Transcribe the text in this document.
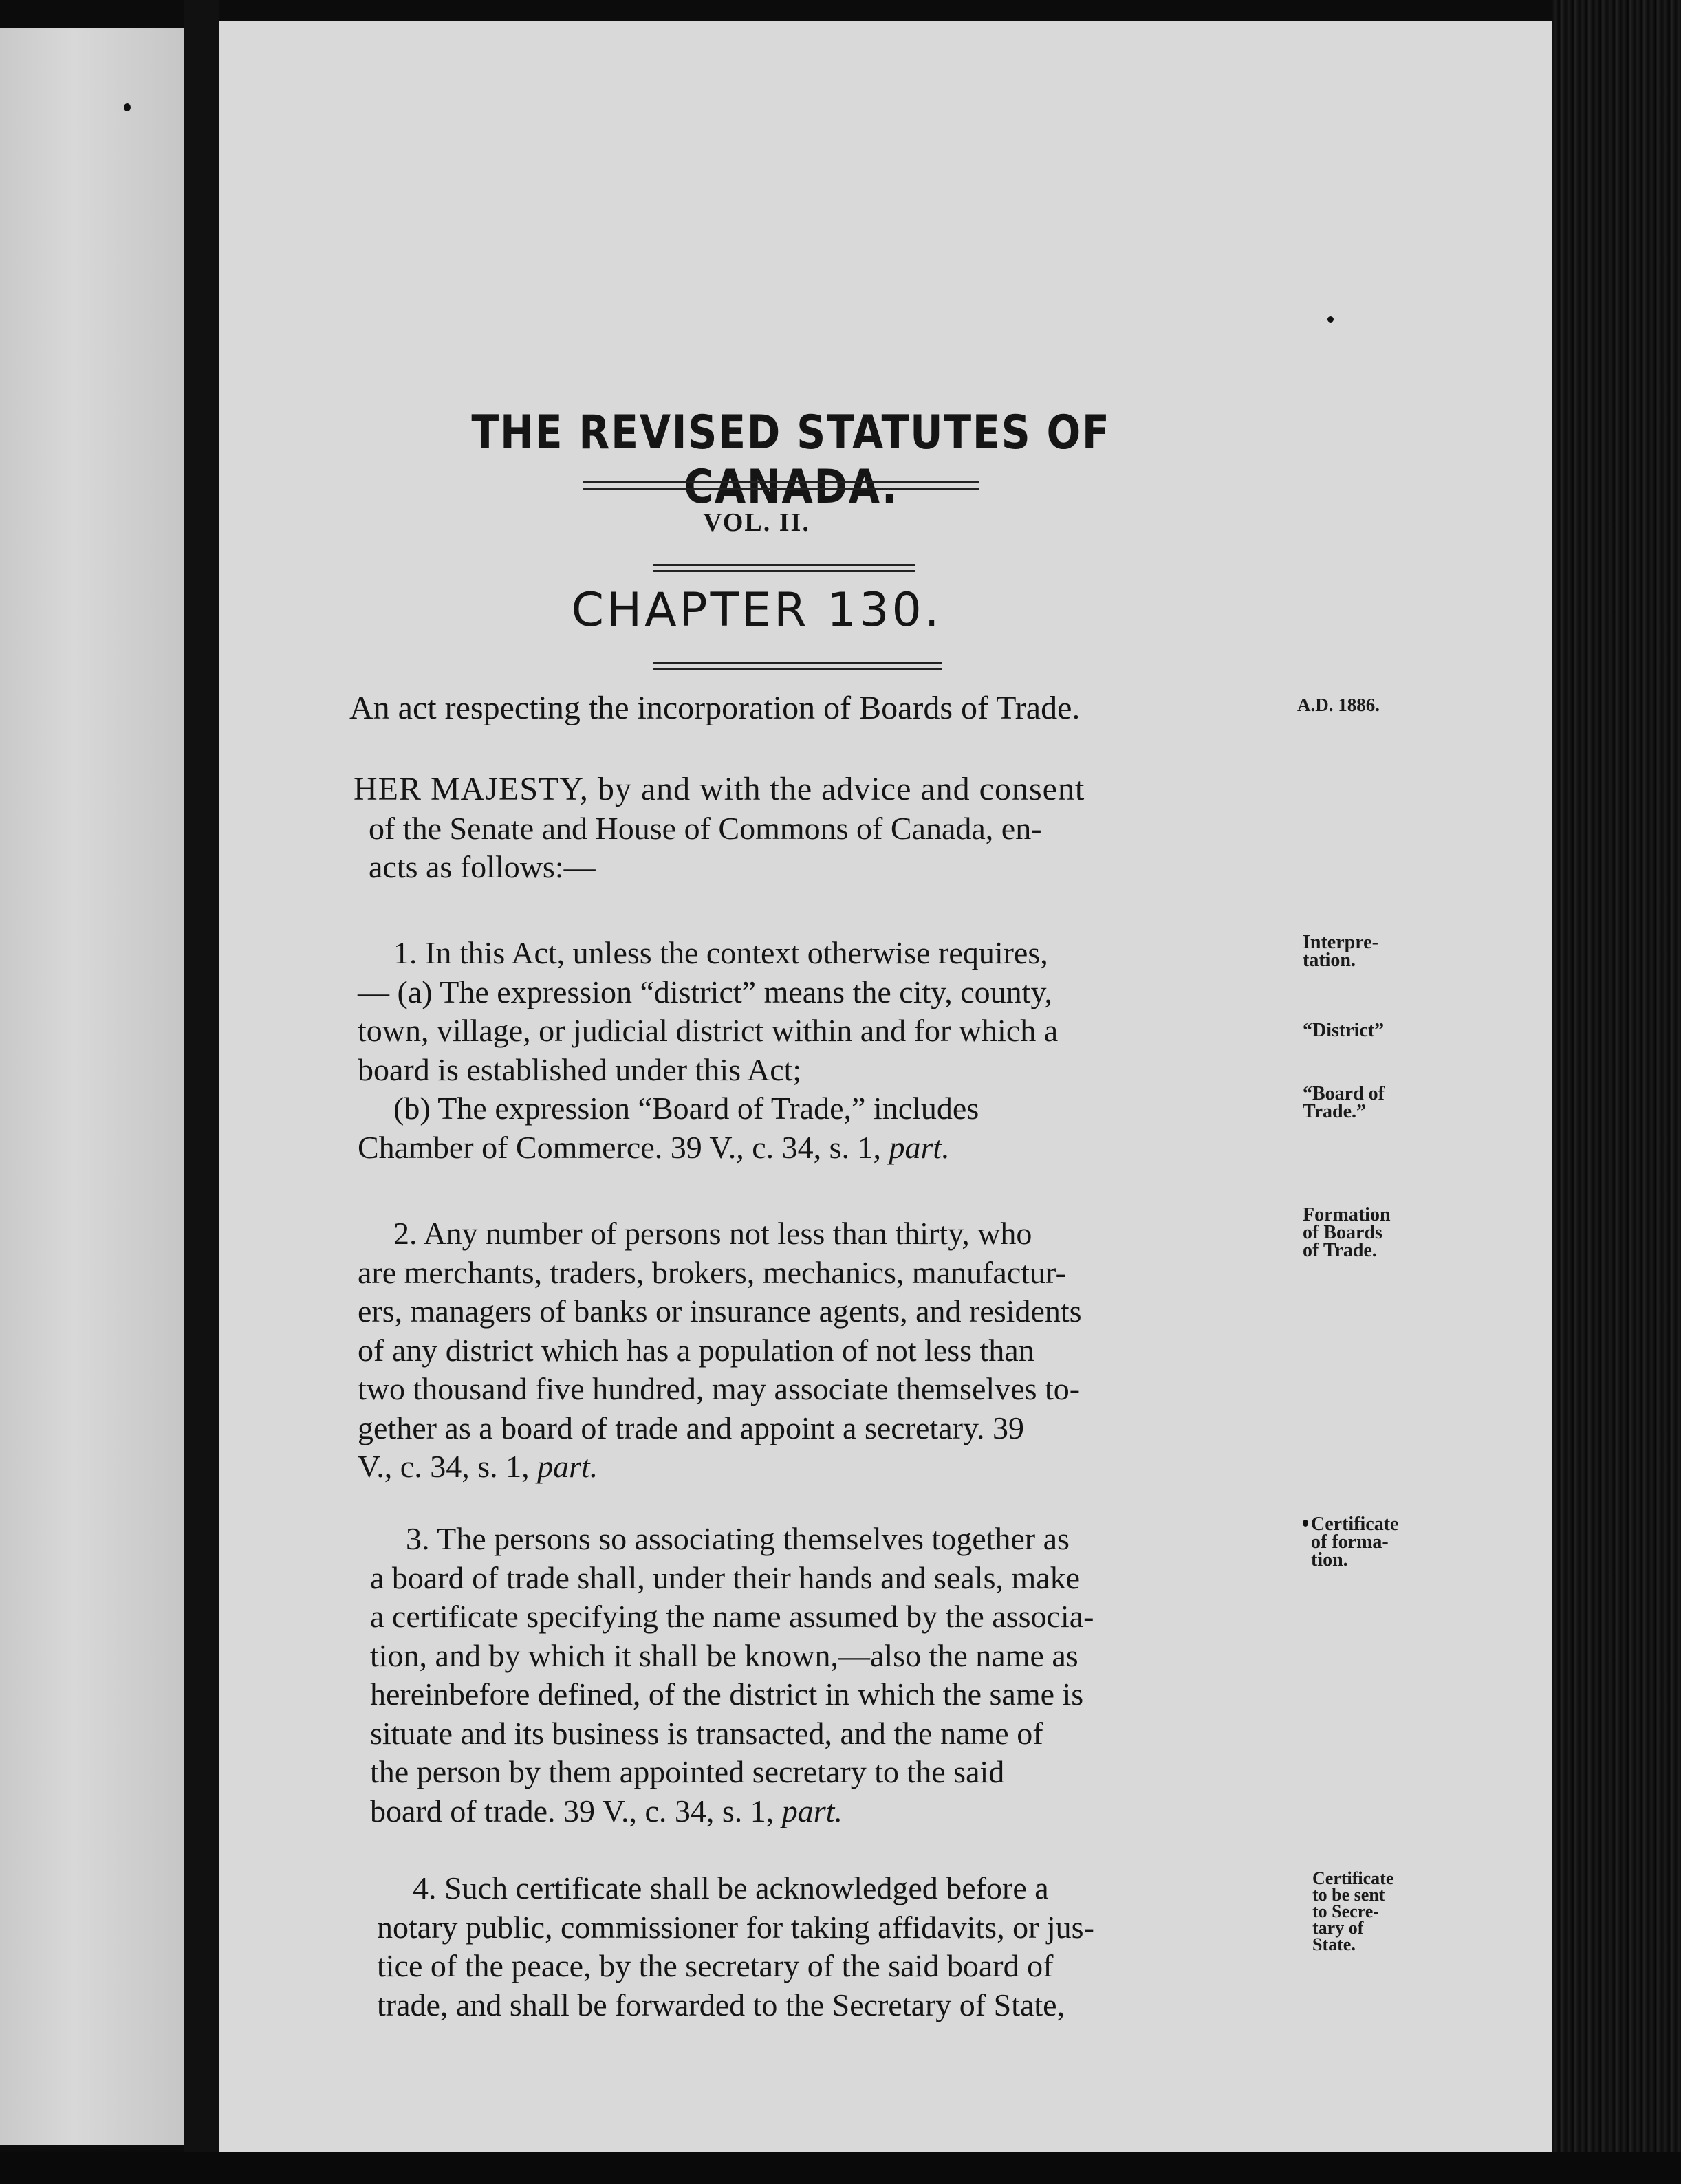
THE REVISED STATUTES OF CANADA.
VOL. II.
CHAPTER 130.
An act respecting the incorporation of Boards of Trade.	A.D. 1886.
HER MAJESTY, by and with the advice and consent
of the Senate and House of Commons of Canada, en-
acts as follows:—
1. In this Act, unless the context otherwise requires,
— (a) The expression “district” means the city, county,
town, village, or judicial district within and for which a
board is established under this Act;
(b) The expression “Board of Trade,” includes
Chamber of Commerce. 39 V., c. 34, s. 1, part.
Interpre-
tation.
“District”
“Board of
Trade.”
2. Any number of persons not less than thirty, who
are merchants, traders, brokers, mechanics, manufactur-
ers, managers of banks or insurance agents, and residents
of any district which has a population of not less than
two thousand five hundred, may associate themselves to-
gether as a board of trade and appoint a secretary. 39
V., c. 34, s. 1, part.
Formation
of Boards
of Trade.
3. The persons so associating themselves together as
a board of trade shall, under their hands and seals, make
a certificate specifying the name assumed by the associa-
tion, and by which it shall be known,—also the name as
hereinbefore defined, of the district in which the same is
situate and its business is transacted, and the name of
the person by them appointed secretary to the said
board of trade. 39 V., c. 34, s. 1, part.
Certificate
of forma-
tion.
4. Such certificate shall be acknowledged before a
notary public, commissioner for taking affidavits, or jus-
tice of the peace, by the secretary of the said board of
trade, and shall be forwarded to the Secretary of State,
Certificate
to be sent
to Secre-
tary of
State.
